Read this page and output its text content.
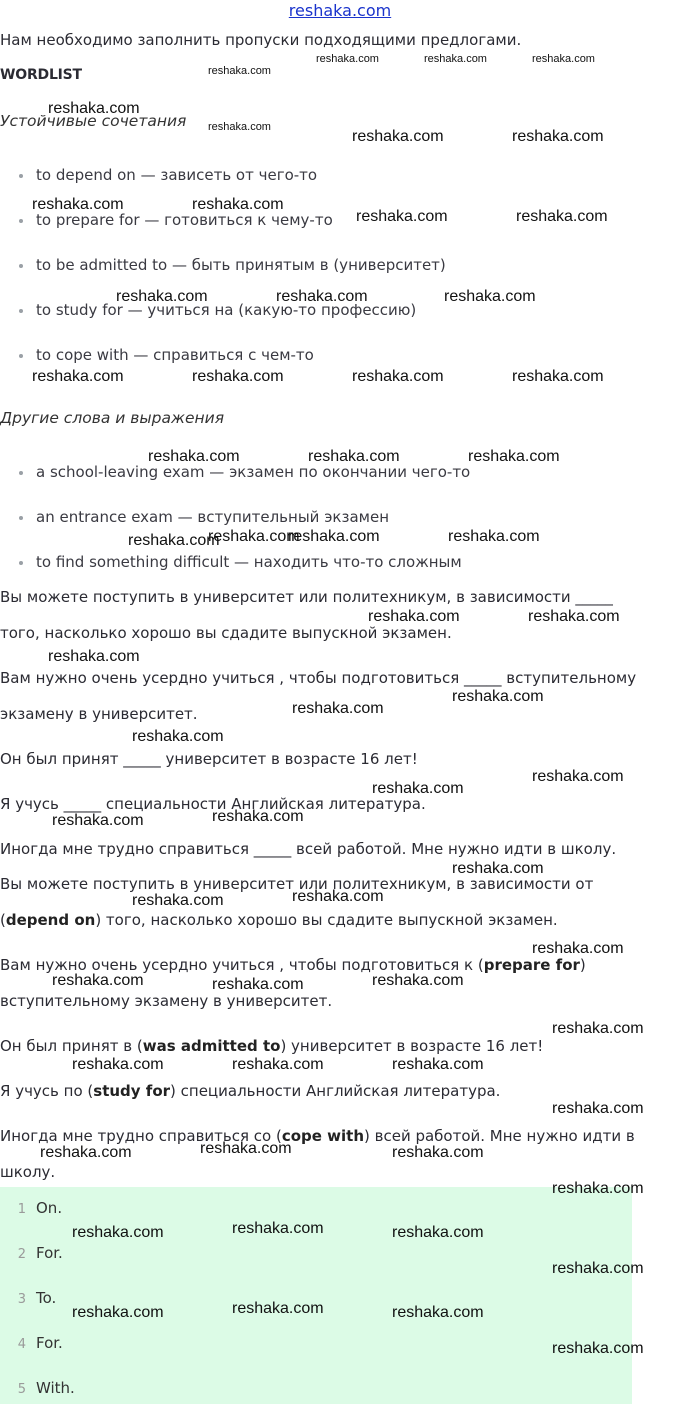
reshaka.com
Нам необходимо заполнить пропуски подходящими предлогами.
WORDLIST
Устойчивые сочетания
to depend on — зависеть от чего-то
to prepare for — готовиться к чему-то
to be admitted to — быть принятым в (университет)
to study for — учиться на (какую-то профессию)
to cope with — справиться с чем-то
Другие слова и выражения
a school-leaving exam — экзамен по окончании чего-то
an entrance exam — вступительный экзамен
to find something difficult — находить что-то сложным
Вы можете поступить в университет или политехникум, в зависимости _____
того, насколько хорошо вы сдадите выпускной экзамен.
Вам нужно очень усердно учиться , чтобы подготовиться _____ вступительному
экзамену в университет.
Он был принят _____ университет в возрасте 16 лет!
Я учусь _____ специальности Английская литература.
Иногда мне трудно справиться _____ всей работой. Мне нужно идти в школу.
Вы можете поступить в университет или политехникум, в зависимости от
(depend on) того, насколько хорошо вы сдадите выпускной экзамен.
Вам нужно очень усердно учиться , чтобы подготовиться к (prepare for)
вступительному экзамену в университет.
Он был принят в (was admitted to) университет в возрасте 16 лет!
Я учусь по (study for) специальности Английская литература.
Иногда мне трудно справиться со (cope with) всей работой. Мне нужно идти в
школу.
1 On.
2 For.
3 To.
4 For.
5 With.
reshaka.com
reshaka.com	reshaka.com	reshaka.com
reshaka.com
reshaka.com
reshaka.com	reshaka.com
reshaka.com	reshaka.com
reshaka.com	reshaka.com
reshaka.com	reshaka.com	reshaka.com
reshaka.com	reshaka.com	reshaka.com	reshaka.com
reshaka.com	reshaka.com	reshaka.com
reshaka.com
reshaka.com	reshaka.com	reshaka.com
reshaka.com	reshaka.com
reshaka.com
reshaka.com
reshaka.com
reshaka.com
reshaka.com
reshaka.com
reshaka.com	reshaka.com
reshaka.com
reshaka.com	reshaka.com
reshaka.com
reshaka.com	reshaka.com	reshaka.com
reshaka.com
reshaka.com	reshaka.com	reshaka.com
reshaka.com
reshaka.com	reshaka.com	reshaka.com
reshaka.com
reshaka.com	reshaka.com	reshaka.com
reshaka.com
reshaka.com	reshaka.com	reshaka.com
reshaka.com
